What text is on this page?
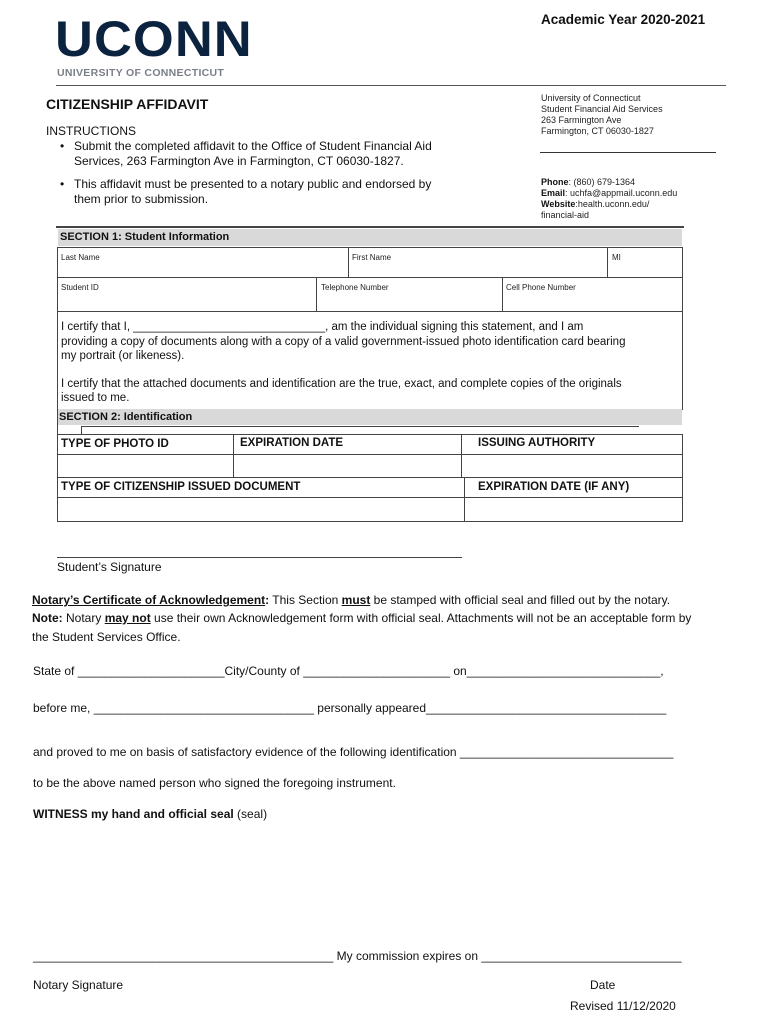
UCONN
UNIVERSITY OF CONNECTICUT
Academic Year 2020-2021
CITIZENSHIP AFFIDAVIT	University of Connecticut
Student Financial Aid Services
263 Farmington Ave
Farmington, CT 06030-1827
INSTRUCTIONS
• Submit the completed affidavit to the Office of Student Financial Aid
Services, 263 Farmington Ave in Farmington, CT 06030-1827.
• This affidavit must be presented to a notary public and endorsed by
them prior to submission.
Phone: (860) 679-1364
Email: uchfa@appmail.uconn.edu
Website:health.uconn.edu/
financial-aid
SECTION 1: Student Information
Last Name	First Name	MI
Student ID	Telephone Number	Cell Phone Number
I certify that I, ______________________________, am the individual signing this statement, and I am
providing a copy of documents along with a copy of a valid government-issued photo identification card bearing
my portrait (or likeness).
I certify that the attached documents and identification are the true, exact, and complete copies of the originals
issued to me.
SECTION 2: Identification
TYPE OF PHOTO ID	EXPIRATION DATE	ISSUING AUTHORITY
TYPE OF CITIZENSHIP ISSUED DOCUMENT	EXPIRATION DATE (IF ANY)
Student’s Signature
Notary’s Certificate of Acknowledgement: This Section must be stamped with official seal and filled out by the notary.
Note: Notary may not use their own Acknowledgement form with official seal. Attachments will not be an acceptable form by
the Student Services Office.
State of ______________________City/County of ______________________ on_____________________________,
before me, _________________________________ personally appeared____________________________________
and proved to me on basis of satisfactory evidence of the following identification ________________________________
to be the above named person who signed the foregoing instrument.
WITNESS my hand and official seal (seal)
_____________________________________________ My commission expires on ______________________________
Notary Signature	Date
Revised 11/12/2020
